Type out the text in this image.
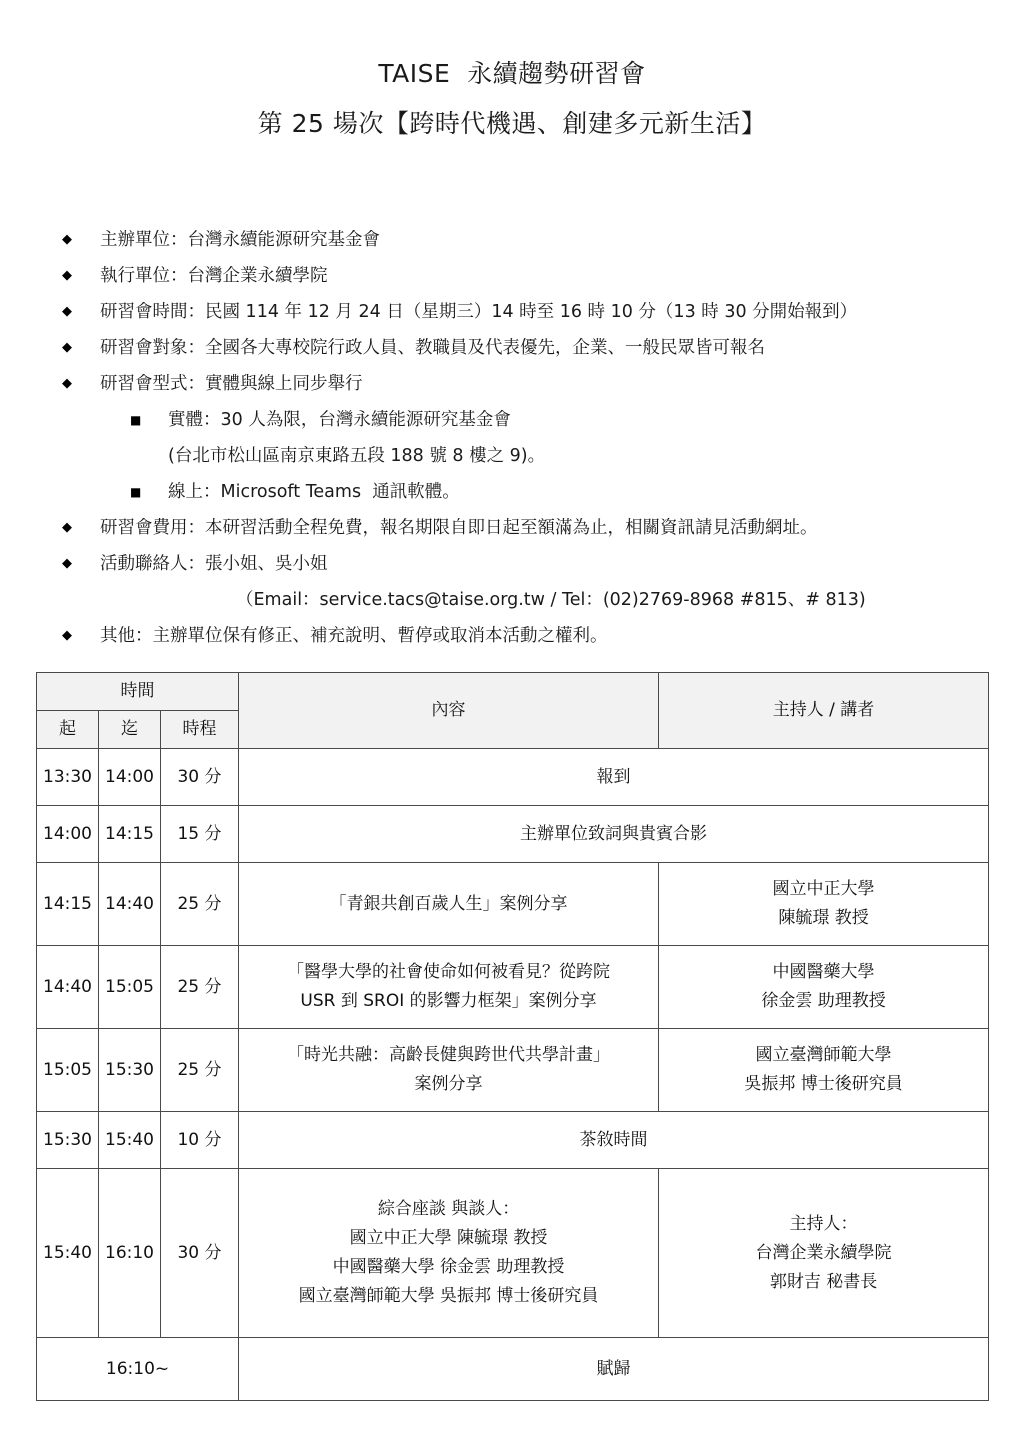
TAISE  永續趨勢研習會
第 25 場次【跨時代機遇、創建多元新生活】
◆ 主辦單位：台灣永續能源研究基金會
◆ 執行單位：台灣企業永續學院
◆ 研習會時間：民國 114 年 12 月 24 日（星期三）14 時至 16 時 10 分（13 時 30 分開始報到）
◆ 研習會對象：全國各大專校院行政人員、教職員及代表優先，企業、一般民眾皆可報名
◆ 研習會型式：實體與線上同步舉行
■ 實體：30 人為限，台灣永續能源研究基金會
(台北市松山區南京東路五段 188 號 8 樓之 9)。
■ 線上：Microsoft Teams  通訊軟體。
◆ 研習會費用：本研習活動全程免費，報名期限自即日起至額滿為止，相關資訊請見活動網址。
◆ 活動聯絡人：張小姐、吳小姐
（Email：service.tacs@taise.org.tw / Tel：(02)2769-8968 #815、# 813)
◆ 其他：主辦單位保有修正、補充說明、暫停或取消本活動之權利。
時間			內容	主持人 / 講者
起	迄	時程		
13:30	14:00	30 分	報到	

14:00	14:15	15 分	主辦單位致詞與貴賓合影	

14:15	14:40	25 分	「青銀共創百歲人生」案例分享	國立中正大學
陳毓璟 教授

14:40	15:05	25 分	「醫學大學的社會使命如何被看見？從跨院
USR 到 SROI 的影響力框架」案例分享	中國醫藥大學
徐金雲 助理教授

15:05	15:30	25 分	「時光共融：高齡長健與跨世代共學計畫」
案例分享	國立臺灣師範大學
吳振邦 博士後研究員

15:30	15:40	10 分	茶敘時間	

15:40	16:10	30 分	綜合座談 與談人：
國立中正大學 陳毓璟 教授
中國醫藥大學 徐金雲 助理教授
國立臺灣師範大學 吳振邦 博士後研究員	主持人：
台灣企業永續學院
郭財吉 秘書長

16:10~			賦歸	
